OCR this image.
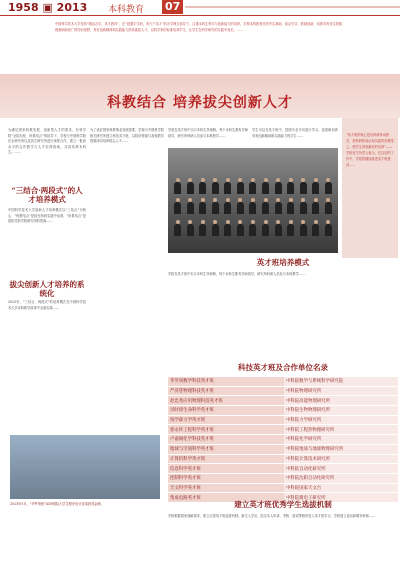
1958 ▣ 2013 本科教育 07
中国科学技术大学坚持“精品办学，英才教育”，在“创寰宇学府，育天下英才”的办学理念指导下，注重本科生科学与创新能力的培养。学校本科教育坚持夯实基础，前沿引导，鼓励创新，培养具有坚实的数理基础和宽广的知识视野、具有创新精神和实践能力的高素质人才。以科学家的标准培养学生，让学生在科学研究的实践中成长。……
科教结合 培养拔尖创新人才
为满足国家科教发展、创新型人才的需求，在科学院“全院办校、所系结合”的指导下，学校与中国科学院在京研究所以及其它研究所进行深度合作，建立一批高水平的合作教学与人才培养基地，共同培养本科生。……
“三结合·两段式”的人才培养模式
中国科学技术大学创新人才培养模式以“三结合”为核心，“科教结合”是指在科研实践中培养，“所系结合”是指依托科学院研究所的资源……
拔尖创新人才培养的系统化
2012年，“三结合、两段式”的培养模式在中国科学技术大学本科教学改革中全面实施……
为了适应国家科教事业发展需要，学校与中国科学院相关研究所建立科技英才班，以院所资源与高校教学资源协同培养拔尖人才……
学校在英才班中实行本科生导师制，每个本科生都有导师指导，研究所科研人员参与本科教学……
学生可以在英才班中，按照专业方向进行学习，选拔和培养具有创新精神和实践能力的学生……	“英才班的核心是以科研带动教学，把科研的前沿和实践带到课堂上，使学生得到最好的培养”——学校有关负责人表示，在以后的工作中，学校将继续推进英才班建设……
英才班培养模式
学校在英才班中实行本科生导师制，每个本科生都有导师指导，研究所科研人员参与本科教学……
科技英才班及合作单位名录
华罗庚数学科技英才班	中科院数学与系统科学研究院
严济慈物理科技英才班	中科院物理研究所
赵忠尧应用物理科技英才班	中科院高能物理研究所
贝时璋生命科学英才班	中科院生物物理研究所
钱学森力学英才班	中科院力学研究所
郭永怀工程科学英才班	中科院工程热物理研究所
卢嘉锡化学科技英才班	中科院化学研究所
地球与空间科学英才班	中科院地质与地球物理研究所
计算机科学英才班	中科院计算技术研究所
信息科学英才班	中科院自动化研究所
控制科学英才班	中科院沈阳自动化研究所
天文科学英才班	中科院国家天文台
集成电路英才班	中科院微电子研究所
建立英才班优秀学生选拔机制
学校根据国家战略需求，建立完善英才班选拔机制。新生入学后，经过本人申请、考核、面试等程序进入英才班学习，学校建立退出和增补机制……
2013年5月，“华罗庚班”ACM国际大学生程序设计竞赛获得金牌。
